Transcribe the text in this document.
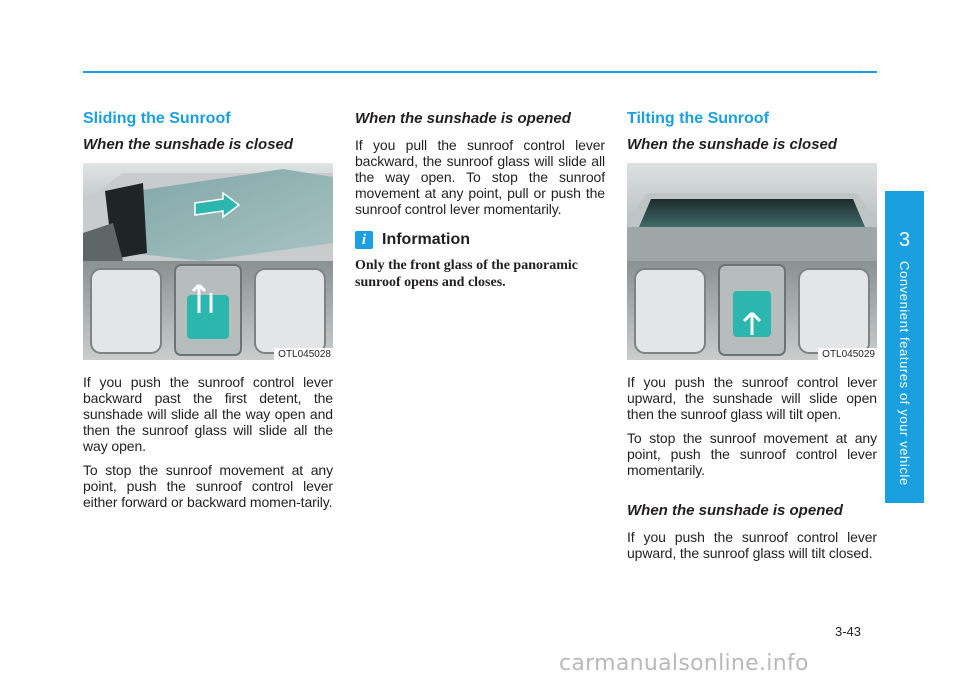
Sliding the Sunroof
When the sunshade is closed
OTL045028

If you push the sunroof control lever backward past the first detent, the sunshade will slide all the way open and then the sunroof glass will slide all the way open.

To stop the sunroof movement at any point, push the sunroof control lever either forward or backward momen-tarily.

When the sunshade is opened

If you pull the sunroof control lever backward, the sunroof glass will slide all the way open. To stop the sunroof movement at any point, pull or push the sunroof control lever momentarily.

i Information

Only the front glass of the panoramic sunroof opens and closes.

Tilting the Sunroof
When the sunshade is closed
OTL045029

If you push the sunroof control lever upward, the sunshade will slide open then the sunroof glass will tilt open.

To stop the sunroof movement at any point, push the sunroof control lever momentarily.

When the sunshade is opened

If you push the sunroof control lever upward, the sunroof glass will tilt closed.

3
Convenient features of your vehicle
3-43
carmanualsonline.info
